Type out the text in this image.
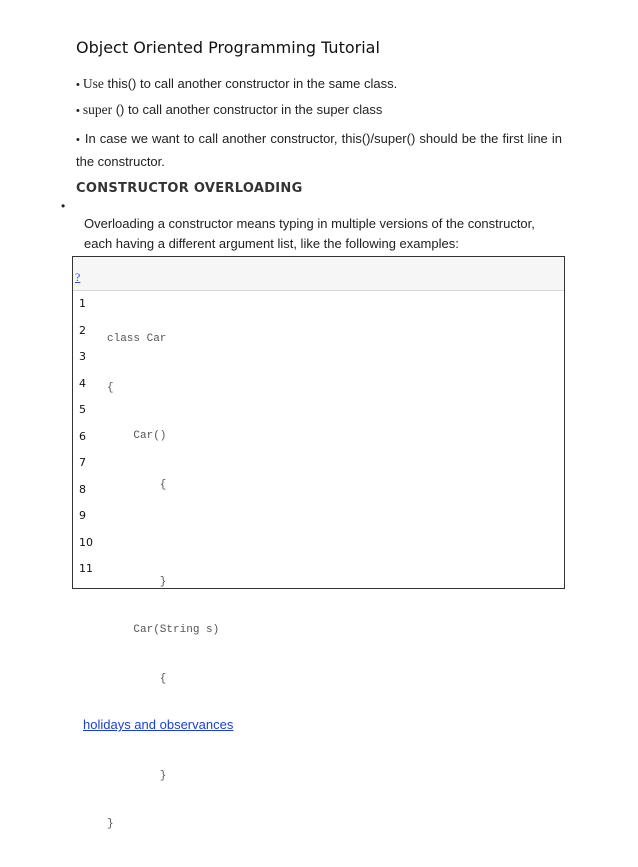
Object Oriented Programming Tutorial
• Use this() to call another constructor in the same class.
• super () to call another constructor in the super class
• In case we want to call another constructor, this()/super() should be the first line in the constructor.
CONSTRUCTOR OVERLOADING
•
Overloading a constructor means typing in multiple versions of the constructor, each having a different argument list, like the following examples:
?
1
2
3
4
5
6
7
8
9
10
11

class Car

{

Car()

{

}

Car(String s)

{

}

}

holidays and observances
